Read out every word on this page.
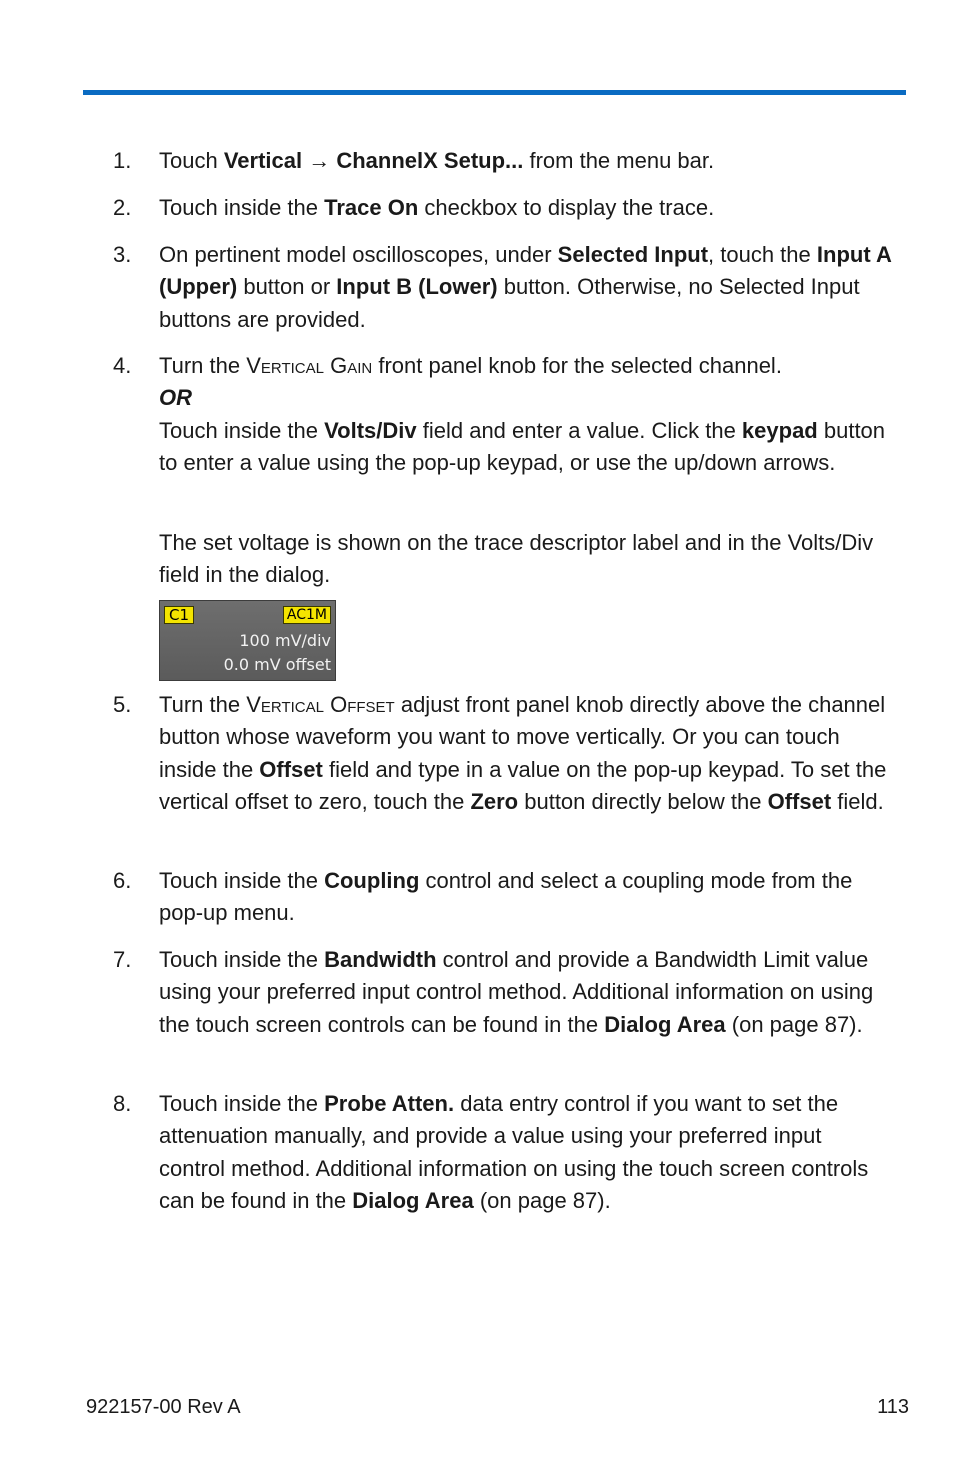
1. Touch Vertical → ChannelX Setup... from the menu bar.
2. Touch inside the Trace On checkbox to display the trace.
3. On pertinent model oscilloscopes, under Selected Input, touch the Input A (Upper) button or Input B (Lower) button. Otherwise, no Selected Input buttons are provided.
4. Turn the Vertical Gain front panel knob for the selected channel.
OR
Touch inside the Volts/Div field and enter a value. Click the keypad button to enter a value using the pop-up keypad, or use the up/down arrows.
The set voltage is shown on the trace descriptor label and in the Volts/Div field in the dialog.
C1	AC1M
100 mV/div
0.0 mV offset
5. Turn the Vertical Offset adjust front panel knob directly above the channel button whose waveform you want to move vertically. Or you can touch inside the Offset field and type in a value on the pop-up keypad. To set the vertical offset to zero, touch the Zero button directly below the Offset field.
6. Touch inside the Coupling control and select a coupling mode from the pop-up menu.
7. Touch inside the Bandwidth control and provide a Bandwidth Limit value using your preferred input control method. Additional information on using the touch screen controls can be found in the Dialog Area (on page 87).
8. Touch inside the Probe Atten. data entry control if you want to set the attenuation manually, and provide a value using your preferred input control method. Additional information on using the touch screen controls can be found in the Dialog Area (on page 87).
922157-00 Rev A	113
